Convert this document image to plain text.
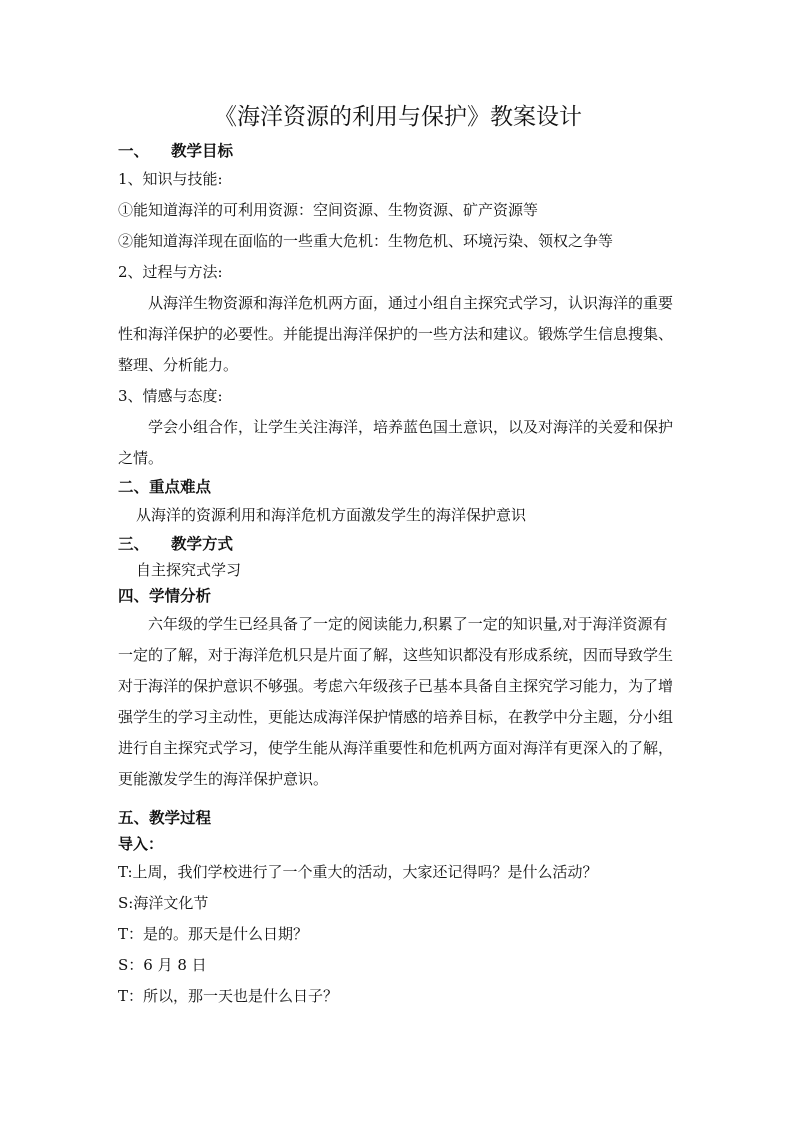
《海洋资源的利用与保护》教案设计
一、 教学目标
1、知识与技能:
①能知道海洋的可利用资源：空间资源、生物资源、矿产资源等
②能知道海洋现在面临的一些重大危机：生物危机、环境污染、领权之争等
2、过程与方法:

从海洋生物资源和海洋危机两方面，通过小组自主探究式学习，认识海洋的重要性和海洋保护的必要性。并能提出海洋保护的一些方法和建议。锻炼学生信息搜集、整理、分析能力。

3、情感与态度:

学会小组合作，让学生关注海洋，培养蓝色国土意识，以及对海洋的关爱和保护之情。

二、重点难点
从海洋的资源利用和海洋危机方面激发学生的海洋保护意识
三、 教学方式
自主探究式学习
四、学情分析

六年级的学生已经具备了一定的阅读能力,积累了一定的知识量,对于海洋资源有一定的了解，对于海洋危机只是片面了解，这些知识都没有形成系统，因而导致学生对于海洋的保护意识不够强。考虑六年级孩子已基本具备自主探究学习能力，为了增强学生的学习主动性，更能达成海洋保护情感的培养目标，在教学中分主题，分小组进行自主探究式学习，使学生能从海洋重要性和危机两方面对海洋有更深入的了解，更能激发学生的海洋保护意识。

五、教学过程
导入：
T:上周，我们学校进行了一个重大的活动，大家还记得吗？是什么活动？
S:海洋文化节
T：是的。那天是什么日期？
S：6 月 8 日
T：所以，那一天也是什么日子？
